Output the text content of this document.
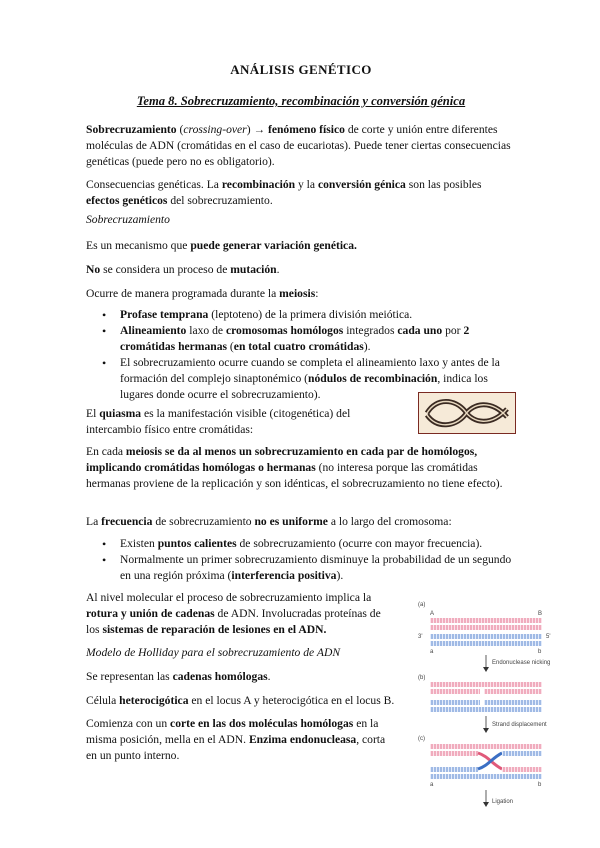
ANÁLISIS GENÉTICO
Tema 8. Sobrecruzamiento, recombinación y conversión génica

Sobrecruzamiento (crossing-over) → fenómeno físico de corte y unión entre diferentes moléculas de ADN (cromátidas en el caso de eucariotas). Puede tener ciertas consecuencias genéticas (puede pero no es obligatorio).

Consecuencias genéticas. La recombinación y la conversión génica son las posibles efectos genéticos del sobrecruzamiento.

Sobrecruzamiento

Es un mecanismo que puede generar variación genética.

No se considera un proceso de mutación.

Ocurre de manera programada durante la meiosis:

• Profase temprana (leptoteno) de la primera división meiótica.
• Alineamiento laxo de cromosomas homólogos integrados cada uno por 2 cromátidas hermanas (en total cuatro cromátidas).
• El sobrecruzamiento ocurre cuando se completa el alineamiento laxo y antes de la formación del complejo sinaptonémico (nódulos de recombinación, indica los lugares donde ocurre el sobrecruzamiento).

El quiasma es la manifestación visible (citogenética) del intercambio físico entre cromátidas:

En cada meiosis se da al menos un sobrecruzamiento en cada par de homólogos, implicando cromátidas homólogas o hermanas (no interesa porque las cromátidas hermanas proviene de la replicación y son idénticas, el sobrecruzamiento no tiene efecto).

La frecuencia de sobrecruzamiento no es uniforme a lo largo del cromosoma:

• Existen puntos calientes de sobrecruzamiento (ocurre con mayor frecuencia).
• Normalmente un primer sobrecruzamiento disminuye la probabilidad de un segundo en una región próxima (interferencia positiva).

Al nivel molecular el proceso de sobrecruzamiento implica la rotura y unión de cadenas de ADN. Involucradas proteínas de los sistemas de reparación de lesiones en el ADN.

Modelo de Holliday para el sobrecruzamiento de ADN

Se representan las cadenas homólogas.

Célula heterocigótica en el locus A y heterocigótica en el locus B.

Comienza con un corte en las dos moléculas homólogas en la misma posición, mella en el ADN. Enzima endonucleasa, corta en un punto interno.

(a)
A	B
3'	5'
a	b
Endonuclease nicking
(b)
Strand displacement
(c)
a	b
Ligation
